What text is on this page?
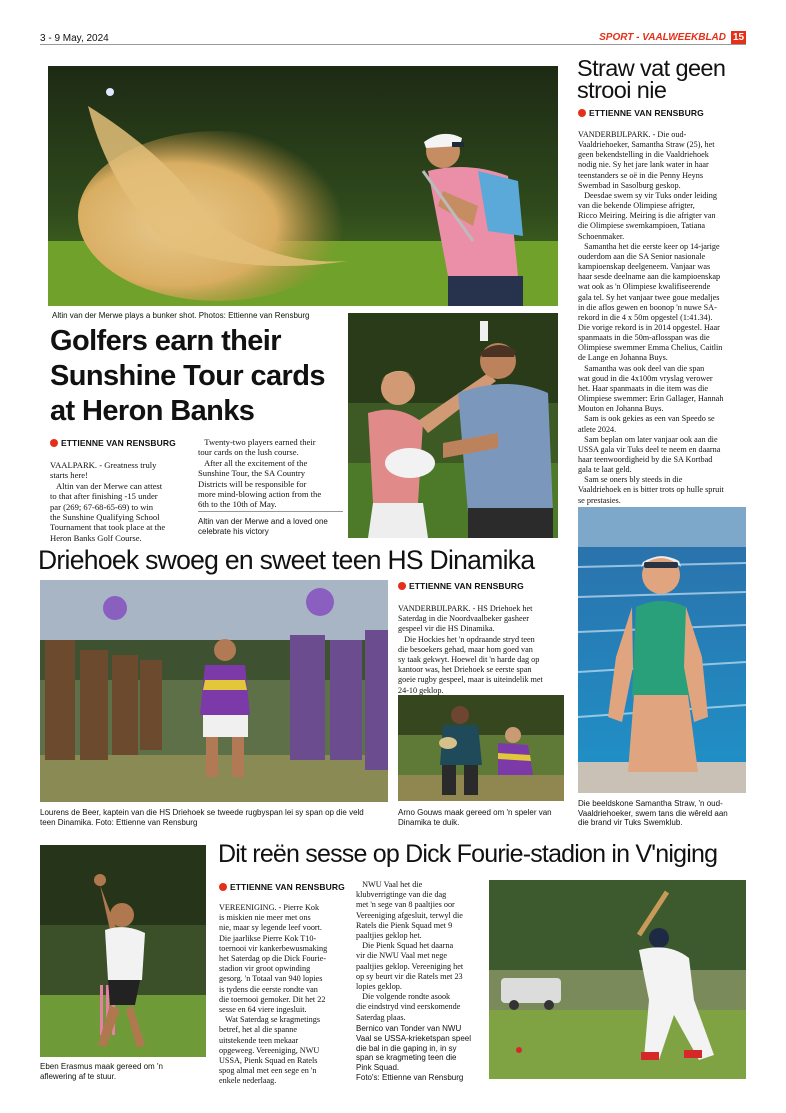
3 - 9 May, 2024	SPORT - VAALWEEKBLAD 15
Altin van der Merwe plays a bunker shot. Photos: Ettienne van Rensburg
Golfers earn their
Sunshine Tour cards
at Heron Banks
ETTIENNE VAN RENSBURG
VAALPARK. - Greatness truly
starts here!
Altin van der Merwe can attest
to that after finishing -15 under
par (269; 67-68-65-69) to win
the Sunshine Qualifying School
Tournament that took place at the
Heron Banks Golf Course.
Twenty-two players earned their
tour cards on the lush course.
After all the excitement of the
Sunshine Tour, the SA Country
Districts will be responsible for
more mind-blowing action from the
6th to the 10th of May.
Altin van der Merwe and a loved one
celebrate his victory
Straw vat geen
strooi nie
ETTIENNE VAN RENSBURG
VANDERBIJLPARK. - Die oud-
Vaaldriehoeker, Samantha Straw (25), het
geen bekendstelling in die Vaaldriehoek
nodig nie. Sy het jare lank water in haar
teenstanders se oë in die Penny Heyns
Swembad in Sasolburg geskop.
Deesdae swem sy vir Tuks onder leiding
van die bekende Olimpiese afrigter,
Ricco Meiring. Meiring is die afrigter van
die Olimpiese swemkampioen, Tatiana
Schoenmaker.
Samantha het die eerste keer op 14-jarige
ouderdom aan die SA Senior nasionale
kampioenskap deelgeneem. Vanjaar was
haar sesde deelname aan die kampioenskap
wat ook as 'n Olimpiese kwalifiseerende
gala tel. Sy het vanjaar twee goue medaljes
in die aflos gewen en boonop 'n nuwe SA-
rekord in die 4 x 50m opgestel (1:41.34).
Die vorige rekord is in 2014 opgestel. Haar
spanmaats in die 50m-aflosspan was die
Olimpiese swemmer Emma Chelius, Caitlin
de Lange en Johanna Buys.
Samantha was ook deel van die span
wat goud in die 4x100m vryslag verower
het. Haar spanmaats in die item was die
Olimpiese swemmer: Erin Gallager, Hannah
Mouton en Johanna Buys.
Sam is ook gekies as een van Speedo se
atlete 2024.
Sam beplan om later vanjaar ook aan die
USSA gala vir Tuks deel te neem en daarna
haar teenwoordigheid by die SA Kortbad
gala te laat geld.
Sam se oners bly steeds in die
Vaaldriehoek en is bitter trots op hulle spruit
se prestasies.
Die beeldskone Samantha Straw, 'n oud-
Vaaldriehoeker, swem tans die wêreld aan
die brand vir Tuks Swemklub.
Driehoek swoeg en sweet teen HS Dinamika
Lourens de Beer, kaptein van die HS Driehoek se tweede rugbyspan lei sy span op die veld
teen Dinamika. Foto: Ettienne van Rensburg
ETTIENNE VAN RENSBURG
VANDERBIJLPARK. - HS Driehoek het
Saterdag in die Noordvaalbeker gasheer
gespeel vir die HS Dinamika.
Die Hockies het 'n opdraande stryd teen
die besoekers gehad, maar hom goed van
sy taak gekwyt. Hoewel dit 'n harde dag op
kantoor was, het Driehoek se eerste span
goeie rugby gespeel, maar is uiteindelik met
24-10 geklop.
Arno Gouws maak gereed om 'n speler van
Dinamika te duik.
Eben Erasmus maak gereed om 'n
aflewering af te stuur.
Dit reën sesse op Dick Fourie-stadion in V'niging
ETTIENNE VAN RENSBURG
VEREENIGING. - Pierre Kok
is miskien nie meer met ons
nie, maar sy legende leef voort.
Die jaarlikse Pierre Kok T10-
toernooi vir kankerbewusmaking
het Saterdag op die Dick Fourie-
stadion vir groot opwinding
gesorg. 'n Totaal van 940 lopies
is tydens die eerste rondte van
die toernooi gemoker. Dit het 22
sesse en 64 viere ingesluit.
Wat Saterdag se kragmetings
betref, het al die spanne
uitstekende teen mekaar
opgeweeg. Vereeniging, NWU
USSA, Pienk Squad en Ratels
spog almal met een sege en 'n
enkele nederlaag.
NWU Vaal het die
klubverrigtinge van die dag
met 'n sege van 8 paaltjies oor
Vereeniging afgesluit, terwyl die
Ratels die Pienk Squad met 9
paaltjies geklop het.
Die Pienk Squad het daarna
vir die NWU Vaal met nege
paaltjies geklop. Vereeniging het
op sy beurt vir die Ratels met 23
lopies geklop.
Die volgende rondte asook
die eindstryd vind eerskomende
Saterdag plaas.
Bernico van Tonder van NWU
Vaal se USSA-krieketspan speel
die bal in die gaping in, in sy
span se kragmeting teen die
Pink Squad.
Foto's: Ettienne van Rensburg
